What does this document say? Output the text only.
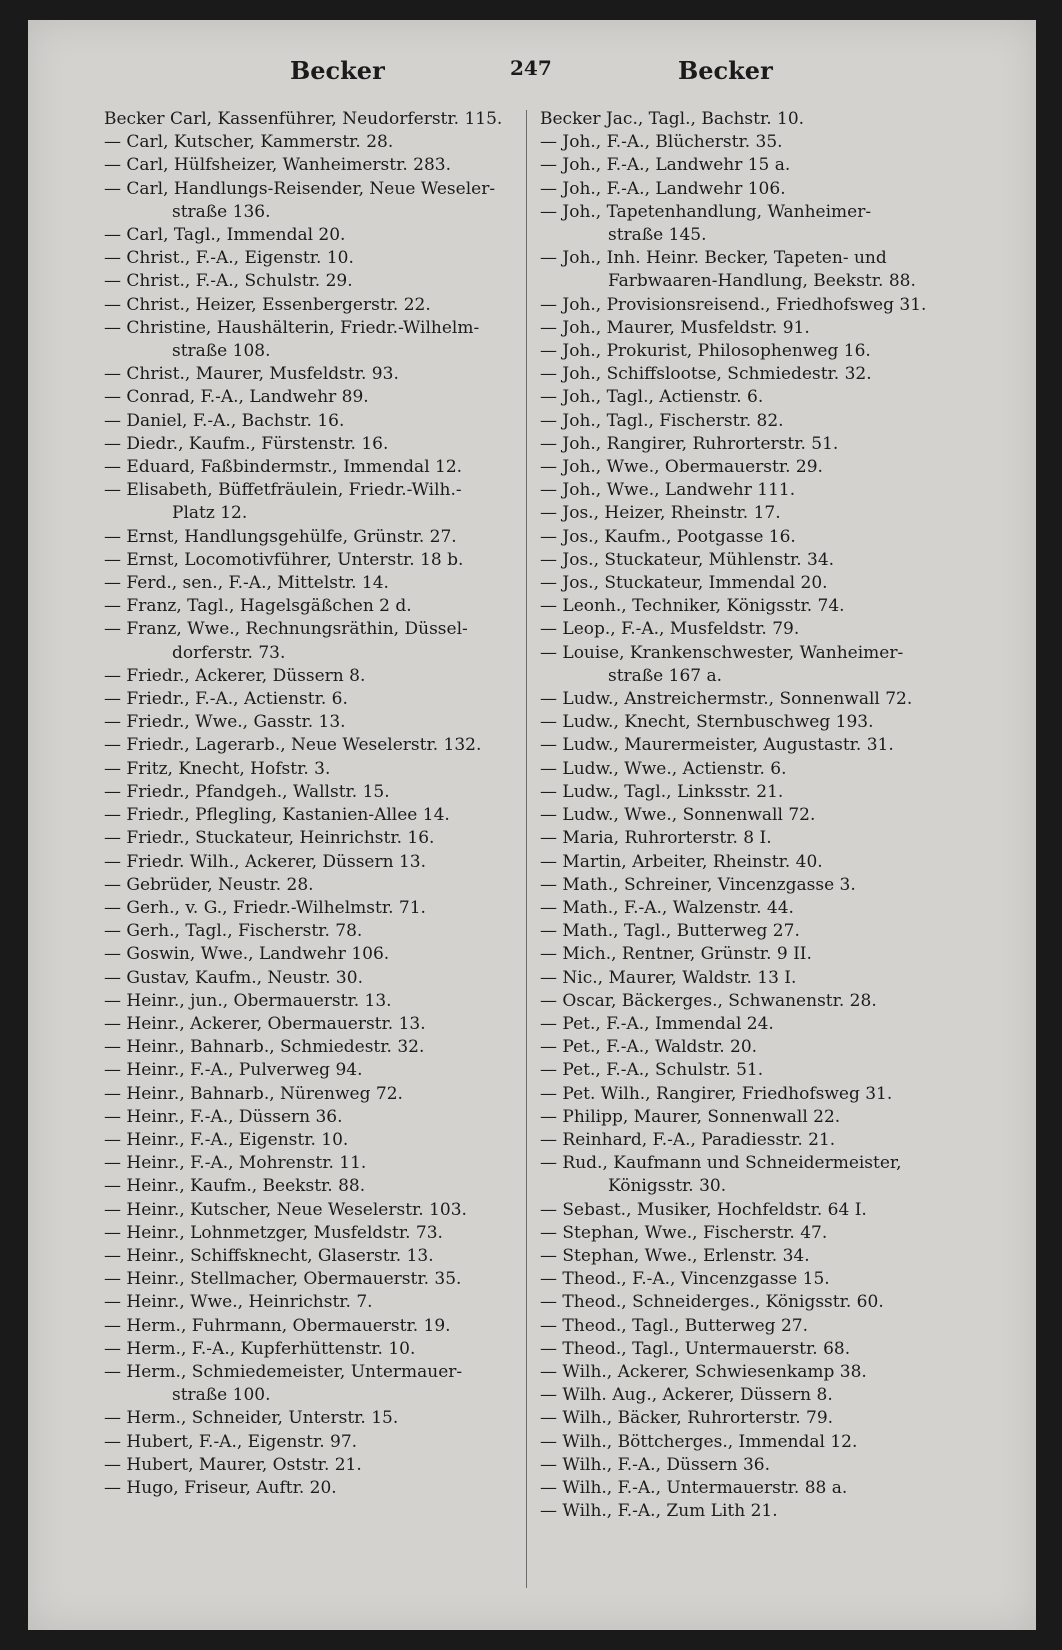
Becker	247	Becker
Becker Carl, Kassenführer, Neudorferstr. 115.
— Carl, Kutscher, Kammerstr. 28.
— Carl, Hülfsheizer, Wanheimerstr. 283.
— Carl, Handlungs-Reisender, Neue Weseler-
straße 136.
— Carl, Tagl., Immendal 20.
— Christ., F.-A., Eigenstr. 10.
— Christ., F.-A., Schulstr. 29.
— Christ., Heizer, Essenbergerstr. 22.
— Christine, Haushälterin, Friedr.-Wilhelm-
straße 108.
— Christ., Maurer, Musfeldstr. 93.
— Conrad, F.-A., Landwehr 89.
— Daniel, F.-A., Bachstr. 16.
— Diedr., Kaufm., Fürstenstr. 16.
— Eduard, Faßbindermstr., Immendal 12.
— Elisabeth, Büffetfräulein, Friedr.-Wilh.-
Platz 12.
— Ernst, Handlungsgehülfe, Grünstr. 27.
— Ernst, Locomotivführer, Unterstr. 18 b.
— Ferd., sen., F.-A., Mittelstr. 14.
— Franz, Tagl., Hagelsgäßchen 2 d.
— Franz, Wwe., Rechnungsräthin, Düssel-
dorferstr. 73.
— Friedr., Ackerer, Düssern 8.
— Friedr., F.-A., Actienstr. 6.
— Friedr., Wwe., Gasstr. 13.
— Friedr., Lagerarb., Neue Weselerstr. 132.
— Fritz, Knecht, Hofstr. 3.
— Friedr., Pfandgeh., Wallstr. 15.
— Friedr., Pflegling, Kastanien-Allee 14.
— Friedr., Stuckateur, Heinrichstr. 16.
— Friedr. Wilh., Ackerer, Düssern 13.
— Gebrüder, Neustr. 28.
— Gerh., v. G., Friedr.-Wilhelmstr. 71.
— Gerh., Tagl., Fischerstr. 78.
— Goswin, Wwe., Landwehr 106.
— Gustav, Kaufm., Neustr. 30.
— Heinr., jun., Obermauerstr. 13.
— Heinr., Ackerer, Obermauerstr. 13.
— Heinr., Bahnarb., Schmiedestr. 32.
— Heinr., F.-A., Pulverweg 94.
— Heinr., Bahnarb., Nürenweg 72.
— Heinr., F.-A., Düssern 36.
— Heinr., F.-A., Eigenstr. 10.
— Heinr., F.-A., Mohrenstr. 11.
— Heinr., Kaufm., Beekstr. 88.
— Heinr., Kutscher, Neue Weselerstr. 103.
— Heinr., Lohnmetzger, Musfeldstr. 73.
— Heinr., Schiffsknecht, Glaserstr. 13.
— Heinr., Stellmacher, Obermauerstr. 35.
— Heinr., Wwe., Heinrichstr. 7.
— Herm., Fuhrmann, Obermauerstr. 19.
— Herm., F.-A., Kupferhüttenstr. 10.
— Herm., Schmiedemeister, Untermauer-
straße 100.
— Herm., Schneider, Unterstr. 15.
— Hubert, F.-A., Eigenstr. 97.
— Hubert, Maurer, Oststr. 21.
— Hugo, Friseur, Auftr. 20.
Becker Jac., Tagl., Bachstr. 10.
— Joh., F.-A., Blücherstr. 35.
— Joh., F.-A., Landwehr 15 a.
— Joh., F.-A., Landwehr 106.
— Joh., Tapetenhandlung, Wanheimer-
straße 145.
— Joh., Inh. Heinr. Becker, Tapeten- und
Farbwaaren-Handlung, Beekstr. 88.
— Joh., Provisionsreisend., Friedhofsweg 31.
— Joh., Maurer, Musfeldstr. 91.
— Joh., Prokurist, Philosophenweg 16.
— Joh., Schiffslootse, Schmiedestr. 32.
— Joh., Tagl., Actienstr. 6.
— Joh., Tagl., Fischerstr. 82.
— Joh., Rangirer, Ruhrorterstr. 51.
— Joh., Wwe., Obermauerstr. 29.
— Joh., Wwe., Landwehr 111.
— Jos., Heizer, Rheinstr. 17.
— Jos., Kaufm., Pootgasse 16.
— Jos., Stuckateur, Mühlenstr. 34.
— Jos., Stuckateur, Immendal 20.
— Leonh., Techniker, Königsstr. 74.
— Leop., F.-A., Musfeldstr. 79.
— Louise, Krankenschwester, Wanheimer-
straße 167 a.
— Ludw., Anstreichermstr., Sonnenwall 72.
— Ludw., Knecht, Sternbuschweg 193.
— Ludw., Maurermeister, Augustastr. 31.
— Ludw., Wwe., Actienstr. 6.
— Ludw., Tagl., Linksstr. 21.
— Ludw., Wwe., Sonnenwall 72.
— Maria, Ruhrorterstr. 8 I.
— Martin, Arbeiter, Rheinstr. 40.
— Math., Schreiner, Vincenzgasse 3.
— Math., F.-A., Walzenstr. 44.
— Math., Tagl., Butterweg 27.
— Mich., Rentner, Grünstr. 9 II.
— Nic., Maurer, Waldstr. 13 I.
— Oscar, Bäckerges., Schwanenstr. 28.
— Pet., F.-A., Immendal 24.
— Pet., F.-A., Waldstr. 20.
— Pet., F.-A., Schulstr. 51.
— Pet. Wilh., Rangirer, Friedhofsweg 31.
— Philipp, Maurer, Sonnenwall 22.
— Reinhard, F.-A., Paradiesstr. 21.
— Rud., Kaufmann und Schneidermeister,
Königsstr. 30.
— Sebast., Musiker, Hochfeldstr. 64 I.
— Stephan, Wwe., Fischerstr. 47.
— Stephan, Wwe., Erlenstr. 34.
— Theod., F.-A., Vincenzgasse 15.
— Theod., Schneiderges., Königsstr. 60.
— Theod., Tagl., Butterweg 27.
— Theod., Tagl., Untermauerstr. 68.
— Wilh., Ackerer, Schwiesenkamp 38.
— Wilh. Aug., Ackerer, Düssern 8.
— Wilh., Bäcker, Ruhrorterstr. 79.
— Wilh., Böttcherges., Immendal 12.
— Wilh., F.-A., Düssern 36.
— Wilh., F.-A., Untermauerstr. 88 a.
— Wilh., F.-A., Zum Lith 21.
